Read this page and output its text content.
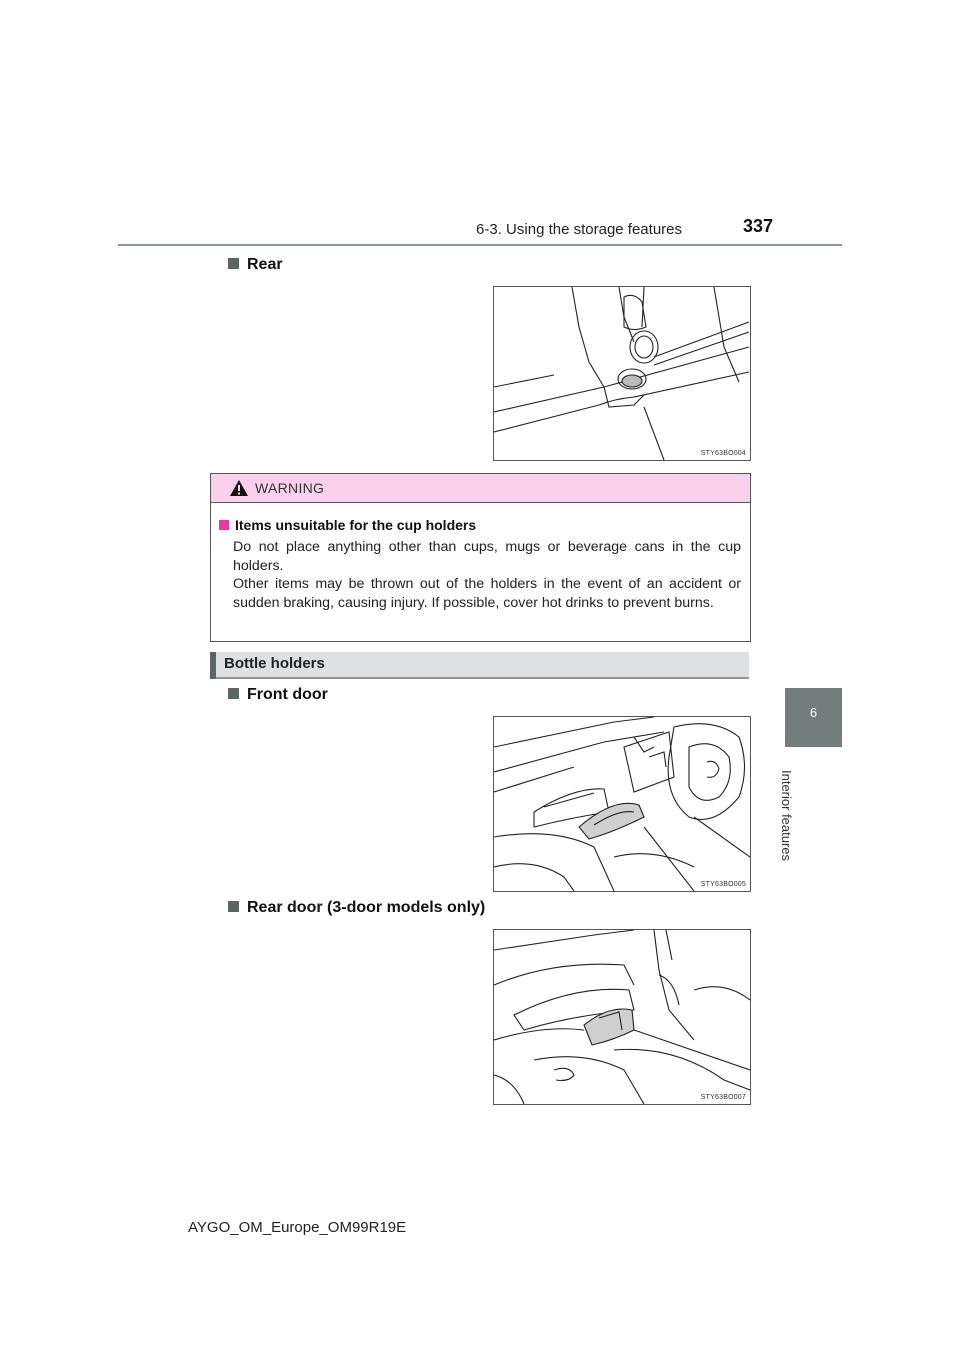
6-3. Using the storage features	337
6
Interior features
Rear
STY63BO004
WARNING
Items unsuitable for the cup holders
Do not place anything other than cups, mugs or beverage cans in the cup holders.
Other items may be thrown out of the holders in the event of an accident or sudden braking, causing injury. If possible, cover hot drinks to prevent burns.
Bottle holders
Front door
STY63BO005
Rear door (3-door models only)
STY63BO007
AYGO_OM_Europe_OM99R19E
